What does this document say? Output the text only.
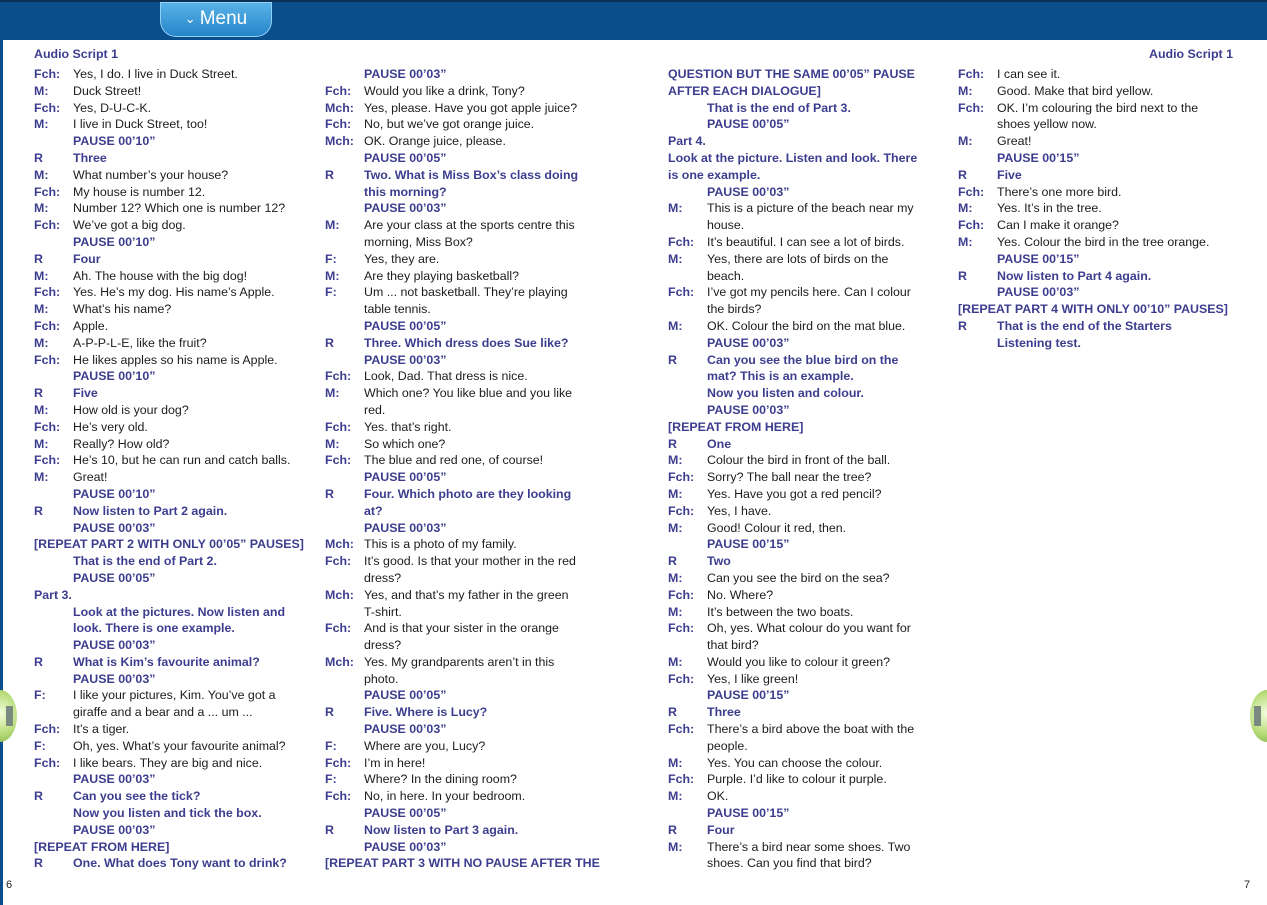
⌄ Menu
Audio Script 1
Fch:	Yes, I do. I live in Duck Street.
M:	Duck Street!
Fch:	Yes, D-U-C-K.
M:	I live in Duck Street, too!
PAUSE 00’10”
R	Three
M:	What number’s your house?
Fch:	My house is number 12.
M:	Number 12? Which one is number 12?
Fch:	We’ve got a big dog.
PAUSE 00’10”
R	Four
M:	Ah. The house with the big dog!
Fch:	Yes. He’s my dog. His name’s Apple.
M:	What’s his name?
Fch:	Apple.
M:	A-P-P-L-E, like the fruit?
Fch:	He likes apples so his name is Apple.
PAUSE 00’10”
R	Five
M:	How old is your dog?
Fch:	He’s very old.
M:	Really? How old?
Fch:	He’s 10, but he can run and catch balls.
M:	Great!
PAUSE 00’10”
R	Now listen to Part 2 again.
PAUSE 00’03”
[REPEAT PART 2 WITH ONLY 00’05” PAUSES]
That is the end of Part 2.
PAUSE 00’05”
Part 3.
Look at the pictures. Now listen and
look. There is one example.
PAUSE 00’03”
R	What is Kim’s favourite animal?
PAUSE 00’03”
F:	I like your pictures, Kim. You’ve got a
giraffe and a bear and a ... um ...
Fch:	It’s a tiger.
F:	Oh, yes. What’s your favourite animal?
Fch:	I like bears. They are big and nice.
PAUSE 00’03”
R	Can you see the tick?
Now you listen and tick the box.
PAUSE 00’03”
[REPEAT FROM HERE]
R	One. What does Tony want to drink?
PAUSE 00’03”
Fch:	Would you like a drink, Tony?
Mch: Yes, please. Have you got apple juice?
Fch:	No, but we’ve got orange juice.
Mch: OK. Orange juice, please.
PAUSE 00’05”
R	Two. What is Miss Box’s class doing
this morning?
PAUSE 00’03”
M:	Are your class at the sports centre this
morning, Miss Box?
F:	Yes, they are.
M:	Are they playing basketball?
F:	Um ... not basketball. They’re playing
table tennis.
PAUSE 00’05”
R	Three. Which dress does Sue like?
PAUSE 00’03”
Fch:	Look, Dad. That dress is nice.
M:	Which one? You like blue and you like
red.
Fch:	Yes. that’s right.
M:	So which one?
Fch:	The blue and red one, of course!
PAUSE 00’05”
R	Four. Which photo are they looking
at?
PAUSE 00’03”
Mch: This is a photo of my family.
Fch:	It’s good. Is that your mother in the red
dress?
Mch: Yes, and that’s my father in the green
T-shirt.
Fch:	And is that your sister in the orange
dress?
Mch: Yes. My grandparents aren’t in this
photo.
PAUSE 00’05”
R	Five. Where is Lucy?
PAUSE 00’03”
F:	Where are you, Lucy?
Fch:	I’m in here!
F:	Where? In the dining room?
Fch:	No, in here. In your bedroom.
PAUSE 00’05”
R	Now listen to Part 3 again.
PAUSE 00’03”
[REPEAT PART 3 WITH NO PAUSE AFTER THE
Audio Script 1
QUESTION BUT THE SAME 00’05” PAUSE
AFTER EACH DIALOGUE]
That is the end of Part 3.
PAUSE 00’05”
Part 4.
Look at the picture. Listen and look. There
is one example.
PAUSE 00’03”
M:	This is a picture of the beach near my
house.
Fch:	It’s beautiful. I can see a lot of birds.
M:	Yes, there are lots of birds on the
beach.
Fch:	I’ve got my pencils here. Can I colour
the birds?
M:	OK. Colour the bird on the mat blue.
PAUSE 00’03”
R	Can you see the blue bird on the
mat? This is an example.
Now you listen and colour.
PAUSE 00’03”
[REPEAT FROM HERE]
R	One
M:	Colour the bird in front of the ball.
Fch:	Sorry? The ball near the tree?
M:	Yes. Have you got a red pencil?
Fch:	Yes, I have.
M:	Good! Colour it red, then.
PAUSE 00’15”
R	Two
M:	Can you see the bird on the sea?
Fch:	No. Where?
M:	It’s between the two boats.
Fch:	Oh, yes. What colour do you want for
that bird?
M:	Would you like to colour it green?
Fch:	Yes, I like green!
PAUSE 00’15”
R	Three
Fch:	There’s a bird above the boat with the
people.
M:	Yes. You can choose the colour.
Fch:	Purple. I’d like to colour it purple.
M:	OK.
PAUSE 00’15”
R	Four
M:	There’s a bird near some shoes. Two
shoes. Can you find that bird?
Fch:	I can see it.
M:	Good. Make that bird yellow.
Fch:	OK. I’m colouring the bird next to the
shoes yellow now.
M:	Great!
PAUSE 00’15”
R	Five
Fch:	There’s one more bird.
M:	Yes. It’s in the tree.
Fch:	Can I make it orange?
M:	Yes. Colour the bird in the tree orange.
PAUSE 00’15”
R	Now listen to Part 4 again.
PAUSE 00’03”
[REPEAT PART 4 WITH ONLY 00’10” PAUSES]
R	That is the end of the Starters
Listening test.
6	7
